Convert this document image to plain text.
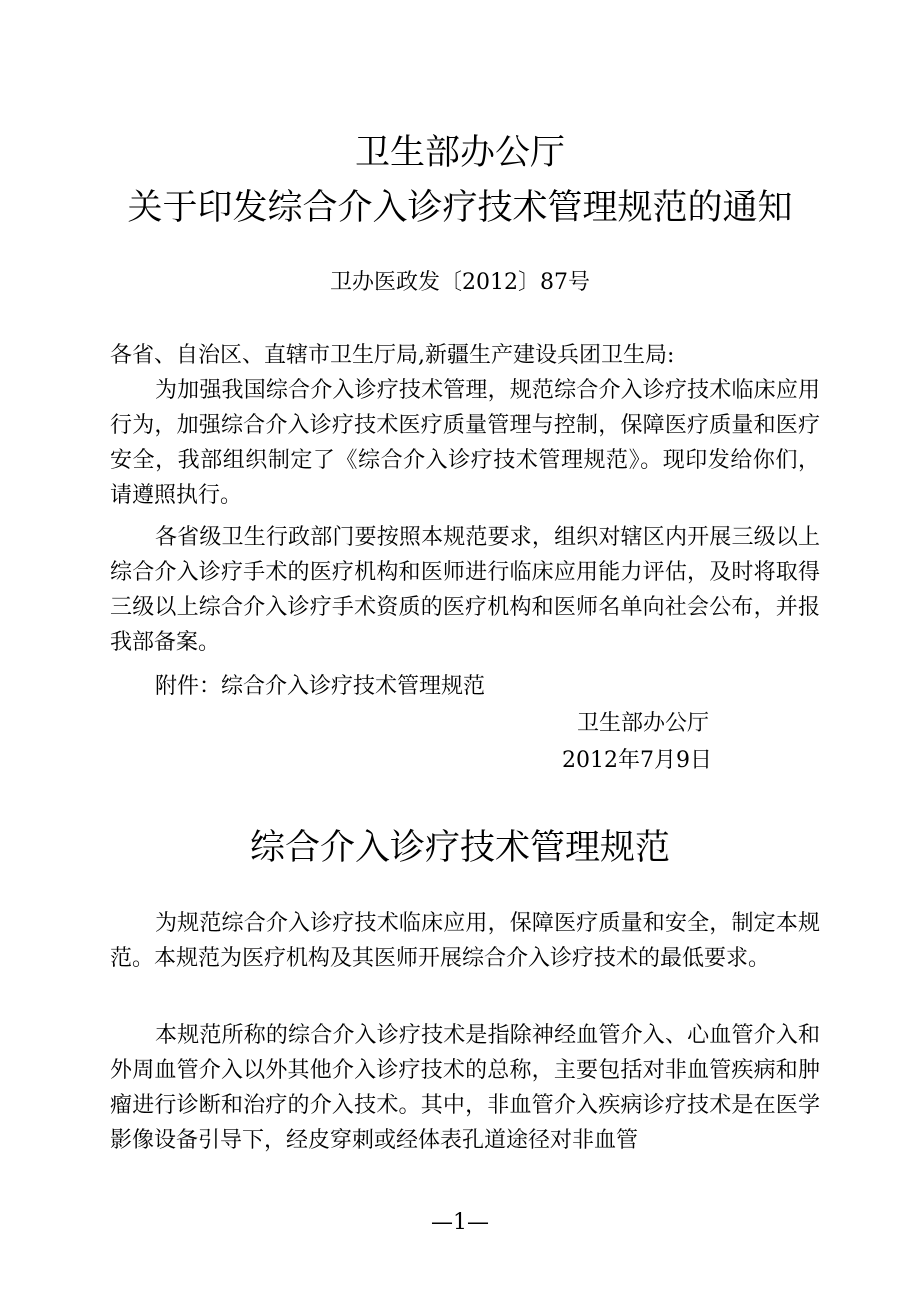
卫生部办公厅
关于印发综合介入诊疗技术管理规范的通知
卫办医政发〔2012〕87号
各省、自治区、直辖市卫生厅局,新疆生产建设兵团卫生局:

为加强我国综合介入诊疗技术管理，规范综合介入诊疗技术临床应用行为，加强综合介入诊疗技术医疗质量管理与控制，保障医疗质量和医疗安全，我部组织制定了《综合介入诊疗技术管理规范》。现印发给你们，请遵照执行。

各省级卫生行政部门要按照本规范要求，组织对辖区内开展三级以上综合介入诊疗手术的医疗机构和医师进行临床应用能力评估，及时将取得三级以上综合介入诊疗手术资质的医疗机构和医师名单向社会公布，并报我部备案。

附件：综合介入诊疗技术管理规范
卫生部办公厅
2012年7月9日
综合介入诊疗技术管理规范

为规范综合介入诊疗技术临床应用，保障医疗质量和安全，制定本规范。本规范为医疗机构及其医师开展综合介入诊疗技术的最低要求。

本规范所称的综合介入诊疗技术是指除神经血管介入、心血管介入和外周血管介入以外其他介入诊疗技术的总称，主要包括对非血管疾病和肿瘤进行诊断和治疗的介入技术。其中，非血管介入疾病诊疗技术是在医学影像设备引导下，经皮穿刺或经体表孔道途径对非血管

—1—
